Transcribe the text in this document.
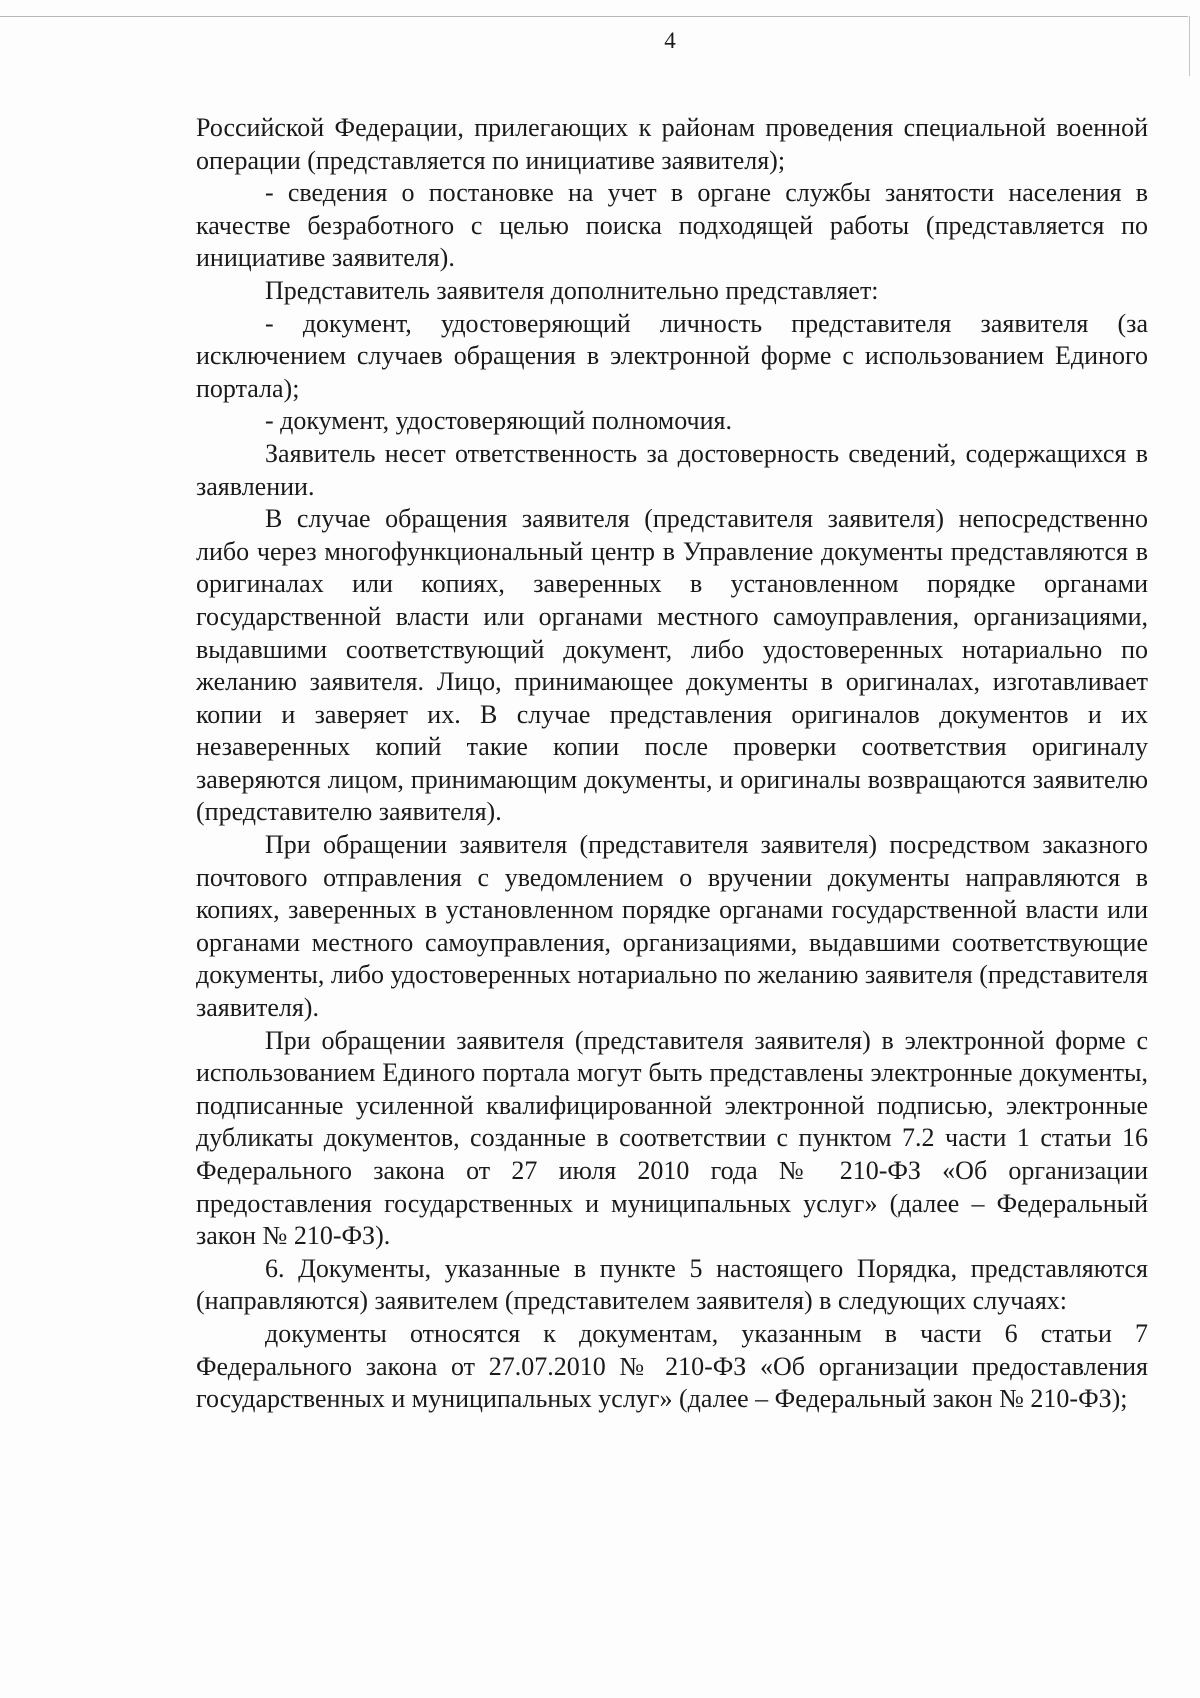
4

Российской Федерации, прилегающих к районам проведения специальной военной операции (представляется по инициативе заявителя);

- сведения о постановке на учет в органе службы занятости населения в качестве безработного с целью поиска подходящей работы (представляется по инициативе заявителя).

Представитель заявителя дополнительно представляет:

- документ, удостоверяющий личность представителя заявителя (за исключением случаев обращения в электронной форме с использованием Единого портала);

- документ, удостоверяющий полномочия.

Заявитель несет ответственность за достоверность сведений, содержащихся в заявлении.

В случае обращения заявителя (представителя заявителя) непосредственно либо через многофункциональный центр в Управление документы представляются в оригиналах или копиях, заверенных в установленном порядке органами государственной власти или органами местного самоуправления, организациями, выдавшими соответствующий документ, либо удостоверенных нотариально по желанию заявителя. Лицо, принимающее документы в оригиналах, изготавливает копии и заверяет их. В случае представления оригиналов документов и их незаверенных копий такие копии после проверки соответствия оригиналу заверяются лицом, принимающим документы, и оригиналы возвращаются заявителю (представителю заявителя).

При обращении заявителя (представителя заявителя) посредством заказного почтового отправления с уведомлением о вручении документы направляются в копиях, заверенных в установленном порядке органами государственной власти или органами местного самоуправления, организациями, выдавшими соответствующие документы, либо удостоверенных нотариально по желанию заявителя (представителя заявителя).

При обращении заявителя (представителя заявителя) в электронной форме с использованием Единого портала могут быть представлены электронные документы, подписанные усиленной квалифицированной электронной подписью, электронные дубликаты документов, созданные в соответствии с пунктом 7.2 части 1 статьи 16 Федерального закона от 27 июля 2010 года № 210-ФЗ «Об организации предоставления государственных и муниципальных услуг» (далее – Федеральный закон № 210-ФЗ).

6. Документы, указанные в пункте 5 настоящего Порядка, представляются (направляются) заявителем (представителем заявителя) в следующих случаях:

документы относятся к документам, указанным в части 6 статьи 7 Федерального закона от 27.07.2010 № 210-ФЗ «Об организации предоставления государственных и муниципальных услуг» (далее – Федеральный закон № 210-ФЗ);
